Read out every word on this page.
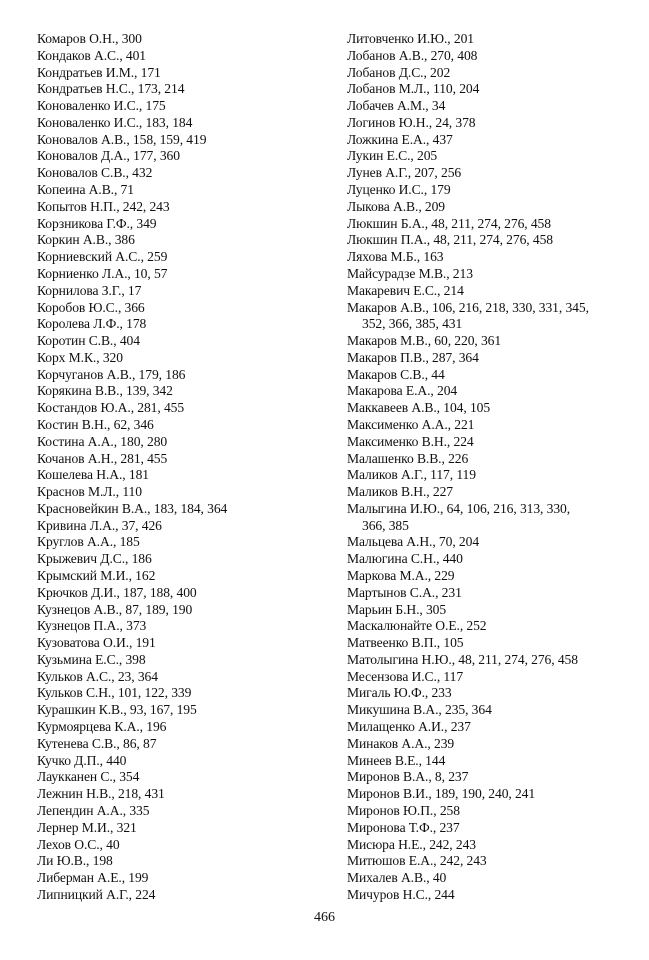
Комаров О.Н., 300

Кондаков А.С., 401

Кондратьев И.М., 171

Кондратьев Н.С., 173, 214

Коноваленко И.С., 175

Коноваленко И.С., 183, 184

Коновалов А.В., 158, 159, 419

Коновалов Д.А., 177, 360

Коновалов С.В., 432

Копеина А.В., 71

Копытов Н.П., 242, 243

Корзникова Г.Ф., 349

Коркин А.В., 386

Корниевский А.С., 259

Корниенко Л.А., 10, 57

Корнилова З.Г., 17

Коробов Ю.С., 366

Королева Л.Ф., 178

Коротин С.В., 404

Корх М.К., 320

Корчуганов А.В., 179, 186

Корякина В.В., 139, 342

Костандов Ю.А., 281, 455

Костин В.Н., 62, 346

Костина А.А., 180, 280

Кочанов А.Н., 281, 455

Кошелева Н.А., 181

Краснов М.Л., 110

Красновейкин В.А., 183, 184, 364

Кривина Л.А., 37, 426

Круглов А.А., 185

Крыжевич Д.С., 186

Крымский М.И., 162

Крючков Д.И., 187, 188, 400

Кузнецов А.В., 87, 189, 190

Кузнецов П.А., 373

Кузоватова О.И., 191

Кузьмина Е.С., 398

Кульков А.С., 23, 364

Кульков С.Н., 101, 122, 339

Курашкин К.В., 93, 167, 195

Курмоярцева К.А., 196

Кутенева С.В., 86, 87

Кучко Д.П., 440

Лаукканен С., 354

Лежнин Н.В., 218, 431

Лепендин А.А., 335

Лернер М.И., 321

Лехов О.С., 40

Ли Ю.В., 198

Либерман А.Е., 199

Липницкий А.Г., 224

Литовченко И.Ю., 201

Лобанов А.В., 270, 408

Лобанов Д.С., 202

Лобанов М.Л., 110, 204

Лобачев А.М., 34

Логинов Ю.Н., 24, 378

Ложкина Е.А., 437

Лукин Е.С., 205

Лунев А.Г., 207, 256

Луценко И.С., 179

Лыкова А.В., 209

Люкшин Б.А., 48, 211, 274, 276, 458

Люкшин П.А., 48, 211, 274, 276, 458

Ляхова М.Б., 163

Майсурадзе М.В., 213

Макаревич Е.С., 214

Макаров А.В., 106, 216, 218, 330, 331, 345,
352, 366, 385, 431

Макаров М.В., 60, 220, 361

Макаров П.В., 287, 364

Макаров С.В., 44

Макарова Е.А., 204

Маккавеев А.В., 104, 105

Максименко А.А., 221

Максименко В.Н., 224

Малашенко В.В., 226

Маликов А.Г., 117, 119

Маликов В.Н., 227

Малыгина И.Ю., 64, 106, 216, 313, 330,
366, 385

Мальцева А.Н., 70, 204

Малюгина С.Н., 440

Маркова М.А., 229

Мартынов С.А., 231

Марьин Б.Н., 305

Маскалюнайте О.Е., 252

Матвеенко В.П., 105

Матолыгина Н.Ю., 48, 211, 274, 276, 458

Месензова И.С., 117

Мигаль Ю.Ф., 233

Микушина В.А., 235, 364

Милащенко А.И., 237

Минаков А.А., 239

Минеев В.Е., 144

Миронов В.А., 8, 237

Миронов В.И., 189, 190, 240, 241

Миронов Ю.П., 258

Миронова Т.Ф., 237

Мисюра Н.Е., 242, 243

Митюшов Е.А., 242, 243

Михалев А.В., 40

Мичуров Н.С., 244

466
